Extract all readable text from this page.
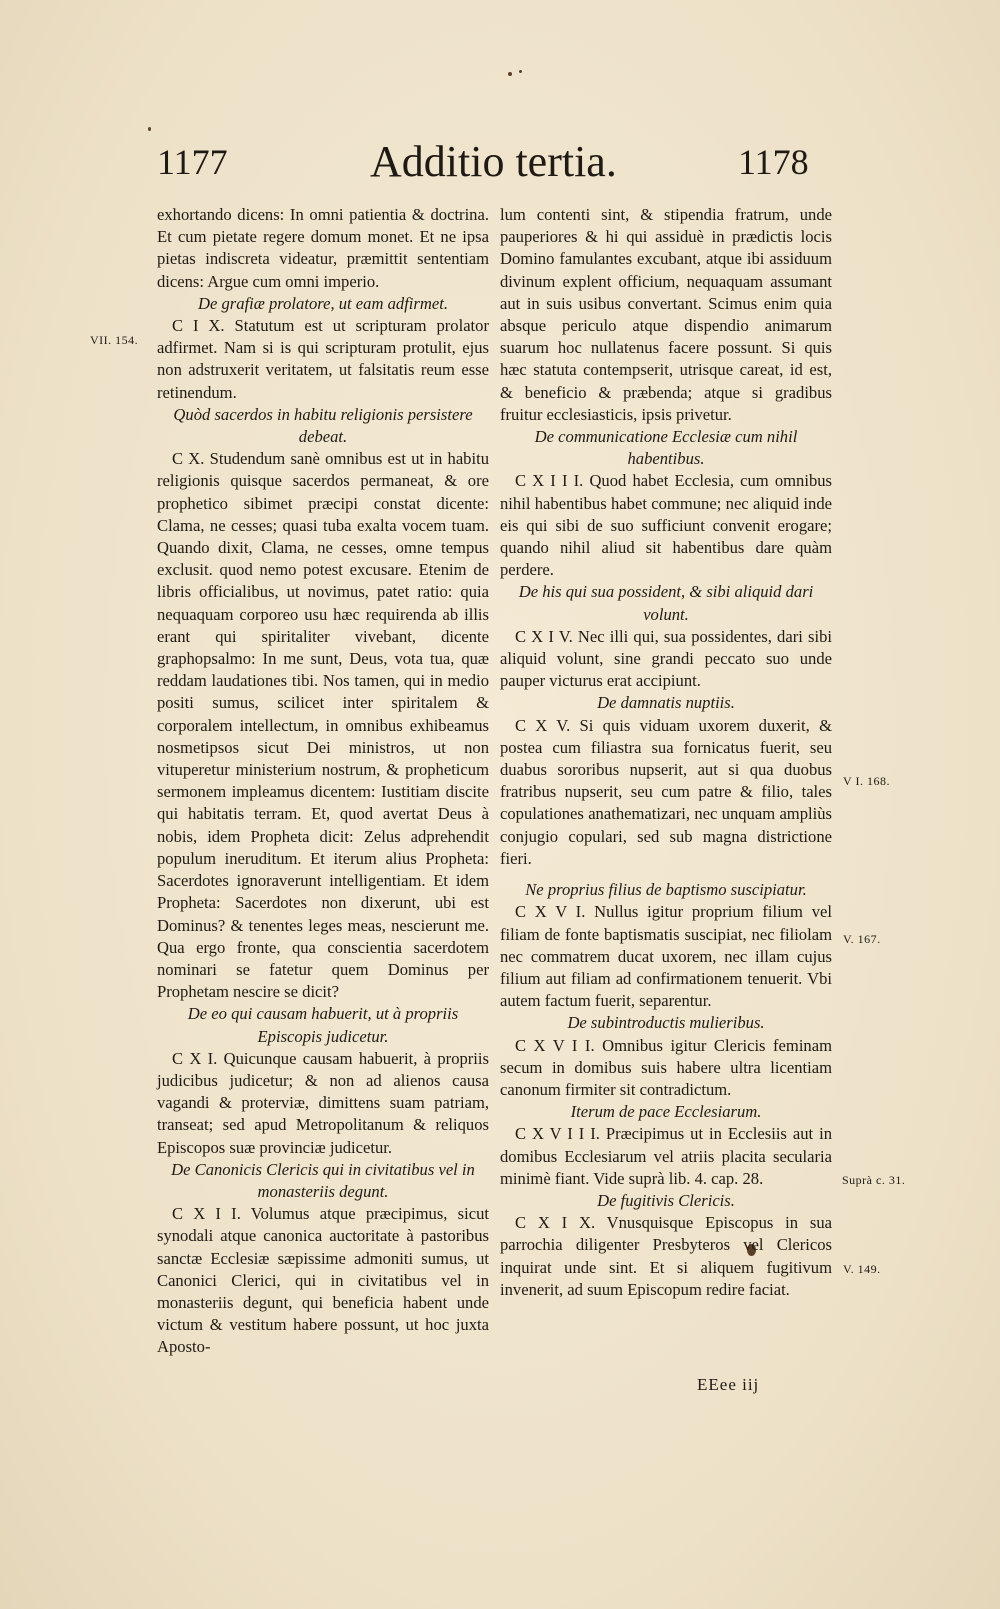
1177	Additio tertia.	1178
VII. 154.
V I. 168.
V. 167.
Suprà c. 31.
V. 149.

exhortando dicens: In omni patientia & doctrina. Et cum pietate regere domum monet. Et ne ipsa pietas indiscreta videatur, præmittit sententiam dicens: Argue cum omni imperio.

De grafiæ prolatore, ut eam adfirmet.

C I X. Statutum est ut scripturam prolator adfirmet. Nam si is qui scripturam protulit, ejus non adstruxerit veritatem, ut falsitatis reum esse retinendum.

Quòd sacerdos in habitu religionis persistere debeat.

C X. Studendum sanè omnibus est ut in habitu religionis quisque sacerdos permaneat, & ore prophetico sibimet præcipi constat dicente: Clama, ne cesses; quasi tuba exalta vocem tuam. Quando dixit, Clama, ne cesses, omne tempus exclusit. quod nemo potest excusare. Etenim de libris officialibus, ut novimus, patet ratio: quia nequaquam corporeo usu hæc requirenda ab illis erant qui spiritaliter vivebant, dicente graphopsalmo: In me sunt, Deus, vota tua, quæ reddam laudationes tibi. Nos tamen, qui in medio positi sumus, scilicet inter spiritalem & corporalem intellectum, in omnibus exhibeamus nosmetipsos sicut Dei ministros, ut non vituperetur ministerium nostrum, & propheticum sermonem impleamus dicentem: Iustitiam discite qui habitatis terram. Et, quod avertat Deus à nobis, idem Propheta dicit: Zelus adprehendit populum ineruditum. Et iterum alius Propheta: Sacerdotes ignoraverunt intelligentiam. Et idem Propheta: Sacerdotes non dixerunt, ubi est Dominus? & tenentes leges meas, nescierunt me. Qua ergo fronte, qua conscientia sacerdotem nominari se fatetur quem Dominus per Prophetam nescire se dicit?

De eo qui causam habuerit, ut à propriis Episcopis judicetur.

C X I. Quicunque causam habuerit, à propriis judicibus judicetur; & non ad alienos causa vagandi & proterviæ, dimittens suam patriam, transeat; sed apud Metropolitanum & reliquos Episcopos suæ provinciæ judicetur.

De Canonicis Clericis qui in civitatibus vel in monasteriis degunt.

C X I I. Volumus atque præcipimus, sicut synodali atque canonica auctoritate à pastoribus sanctæ Ecclesiæ sæpissime admoniti sumus, ut Canonici Clerici, qui in civitatibus vel in monasteriis degunt, qui beneficia habent unde victum & vestitum habere possunt, ut hoc juxta Aposto-

lum contenti sint, & stipendia fratrum, unde pauperiores & hi qui assiduè in prædictis locis Domino famulantes excubant, atque ibi assiduum divinum explent officium, nequaquam assumant aut in suis usibus convertant. Scimus enim quia absque periculo atque dispendio animarum suarum hoc nullatenus facere possunt. Si quis hæc statuta contempserit, utrisque careat, id est, & beneficio & præbenda; atque si gradibus fruitur ecclesiasticis, ipsis privetur.

De communicatione Ecclesiæ cum nihil habentibus.

C X I I I. Quod habet Ecclesia, cum omnibus nihil habentibus habet commune; nec aliquid inde eis qui sibi de suo sufficiunt convenit erogare; quando nihil aliud sit habentibus dare quàm perdere.

De his qui sua possident, & sibi aliquid dari volunt.

C X I V. Nec illi qui, sua possidentes, dari sibi aliquid volunt, sine grandi peccato suo unde pauper victurus erat accipiunt.

De damnatis nuptiis.

C X V. Si quis viduam uxorem duxerit, & postea cum filiastra sua fornicatus fuerit, seu duabus sororibus nupserit, aut si qua duobus fratribus nupserit, seu cum patre & filio, tales copulationes anathematizari, nec unquam ampliùs conjugio copulari, sed sub magna districtione fieri.

Ne proprius filius de baptismo suscipiatur.

C X V I. Nullus igitur proprium filium vel filiam de fonte baptismatis suscipiat, nec filiolam nec commatrem ducat uxorem, nec illam cujus filium aut filiam ad confirmationem tenuerit. Vbi autem factum fuerit, separentur.

De subintroductis mulieribus.

C X V I I. Omnibus igitur Clericis feminam secum in domibus suis habere ultra licentiam canonum firmiter sit contradictum.

Iterum de pace Ecclesiarum.

C X V I I I. Præcipimus ut in Ecclesiis aut in domibus Ecclesiarum vel atriis placita secularia minimè fiant. Vide suprà lib. 4. cap. 28.

De fugitivis Clericis.

C X I X. Vnusquisque Episcopus in sua parrochia diligenter Presbyteros vel Clericos inquirat unde sint. Et si aliquem fugitivum invenerit, ad suum Episcopum redire faciat.

EEee iij
